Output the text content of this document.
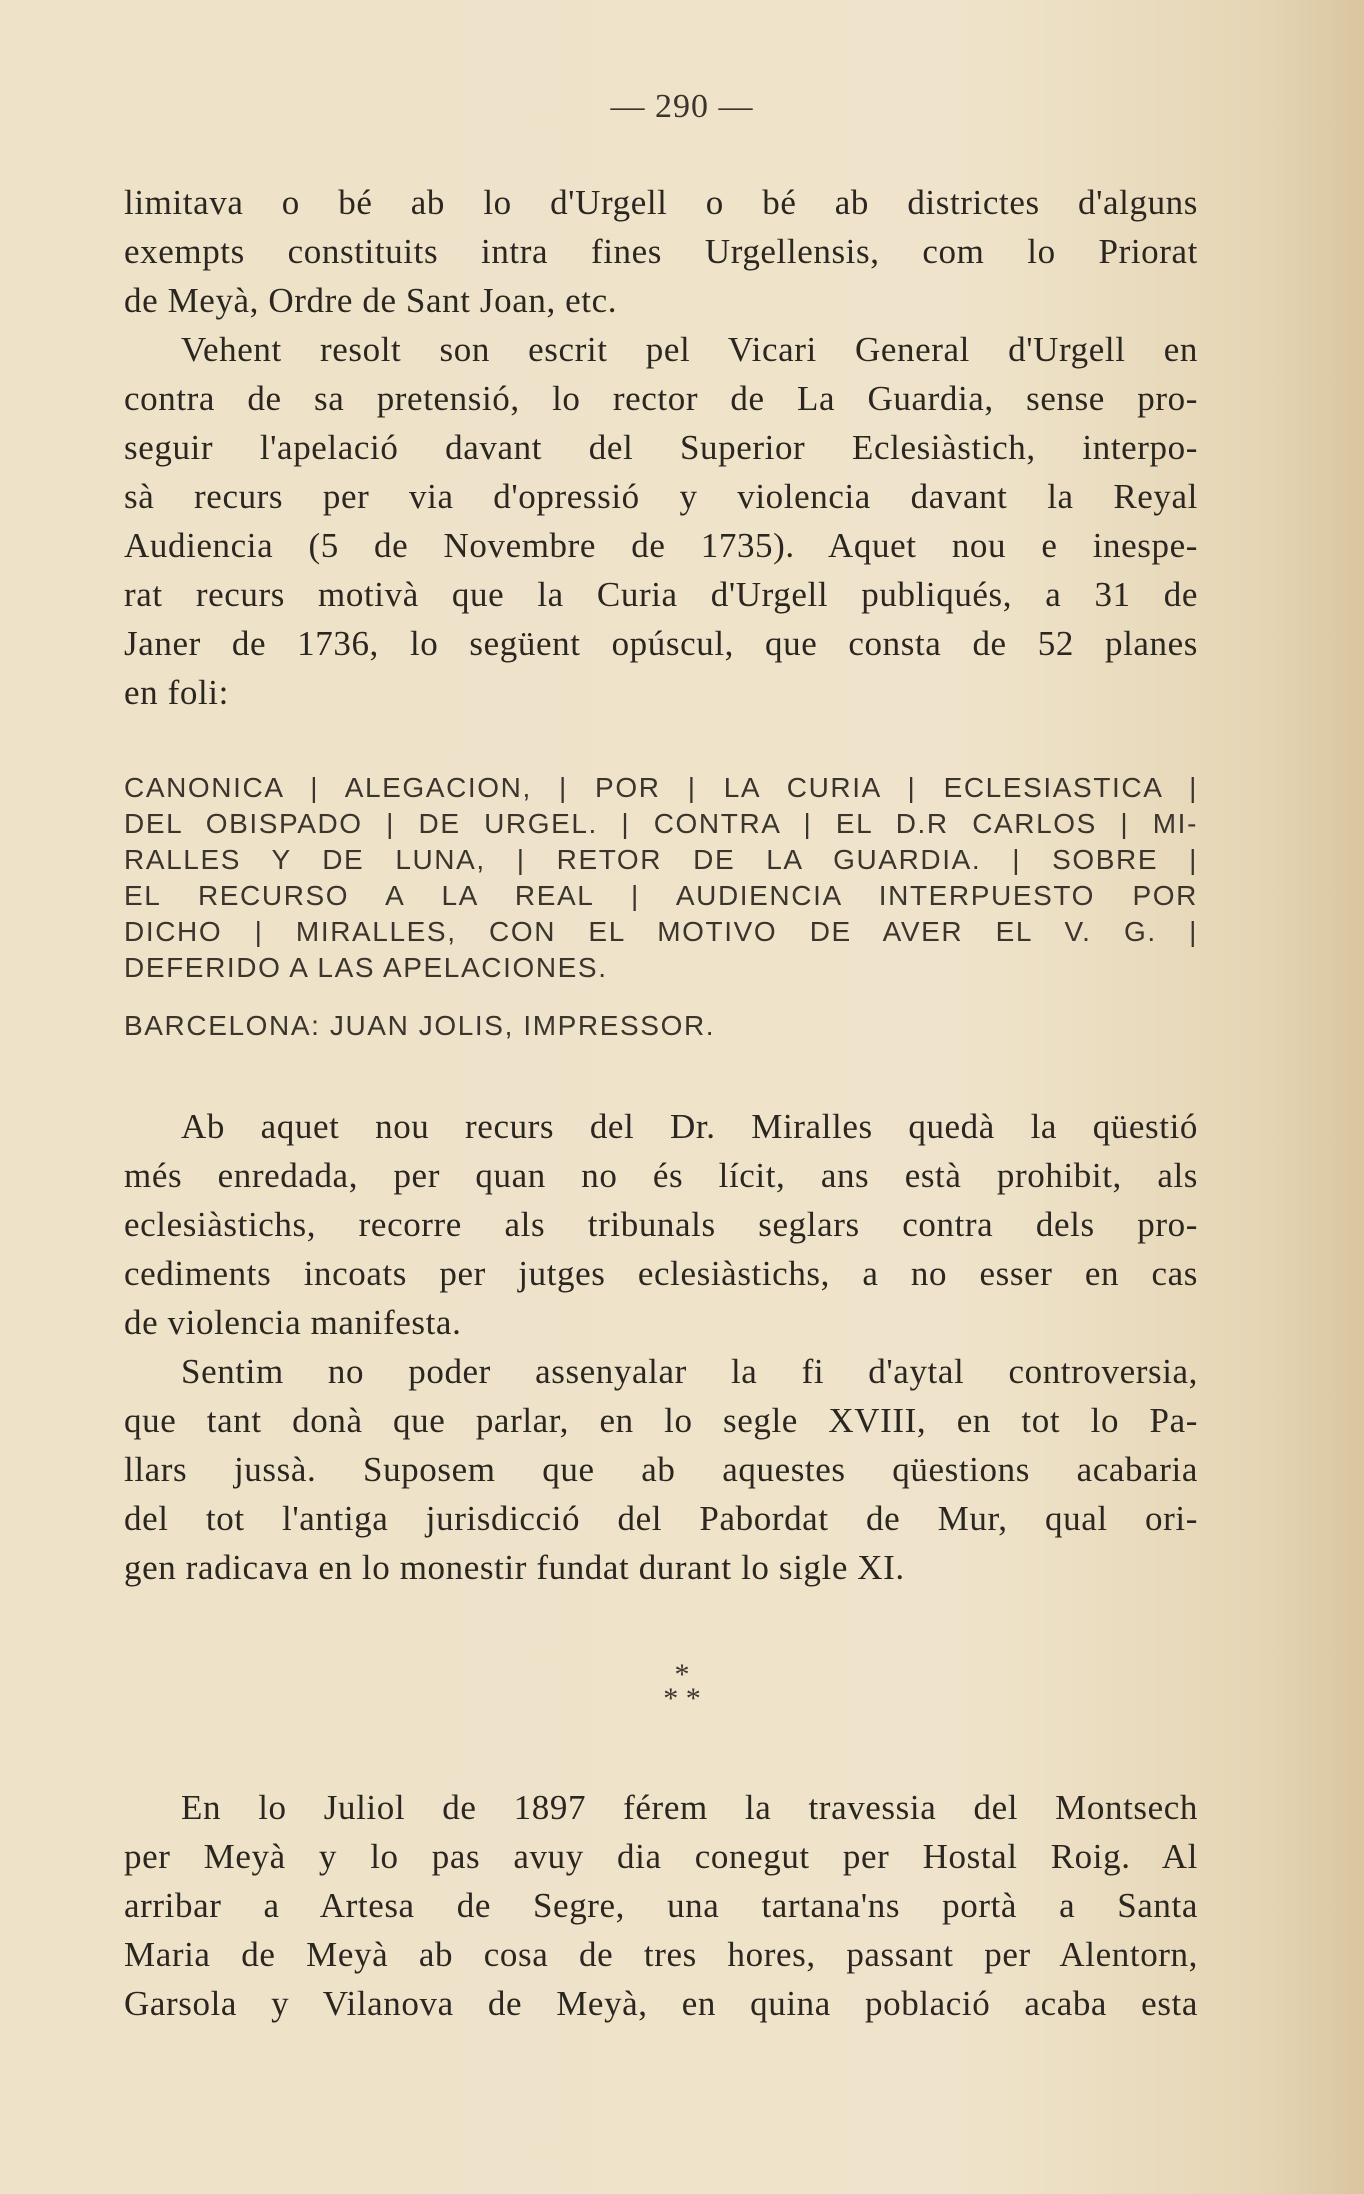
— 290 —
limitava o bé ab lo d'Urgell o bé ab districtes d'alguns
exempts constituits intra fines Urgellensis, com lo Priorat
de Meyà, Ordre de Sant Joan, etc.
Vehent resolt son escrit pel Vicari General d'Urgell en
contra de sa pretensió, lo rector de La Guardia, sense pro-
seguir l'apelació davant del Superior Eclesiàstich, interpo-
sà recurs per via d'opressió y violencia davant la Reyal
Audiencia (5 de Novembre de 1735). Aquet nou e inespe-
rat recurs motivà que la Curia d'Urgell publiqués, a 31 de
Janer de 1736, lo següent opúscul, que consta de 52 planes
en foli:
CANONICA | ALEGACION, | POR | LA CURIA | ECLESIASTICA |
DEL OBISPADO | DE URGEL. | CONTRA | EL D.R CARLOS | MI-
RALLES Y DE LUNA, | RETOR DE LA GUARDIA. | SOBRE |
EL RECURSO A LA REAL | AUDIENCIA INTERPUESTO POR
DICHO | MIRALLES, CON EL MOTIVO DE AVER EL V. G. |
DEFERIDO A LAS APELACIONES.
BARCELONA: JUAN JOLIS, IMPRESSOR.
Ab aquet nou recurs del Dr. Miralles quedà la qüestió
més enredada, per quan no és lícit, ans està prohibit, als
eclesiàstichs, recorre als tribunals seglars contra dels pro-
cediments incoats per jutges eclesiàstichs, a no esser en cas
de violencia manifesta.
Sentim no poder assenyalar la fi d'aytal controversia,
que tant donà que parlar, en lo segle XVIII, en tot lo Pa-
llars jussà. Suposem que ab aquestes qüestions acabaria
del tot l'antiga jurisdicció del Pabordat de Mur, qual ori-
gen radicava en lo monestir fundat durant lo sigle XI.
*
* *
En lo Juliol de 1897 férem la travessia del Montsech
per Meyà y lo pas avuy dia conegut per Hostal Roig. Al
arribar a Artesa de Segre, una tartana'ns portà a Santa
Maria de Meyà ab cosa de tres hores, passant per Alentorn,
Garsola y Vilanova de Meyà, en quina població acaba esta
